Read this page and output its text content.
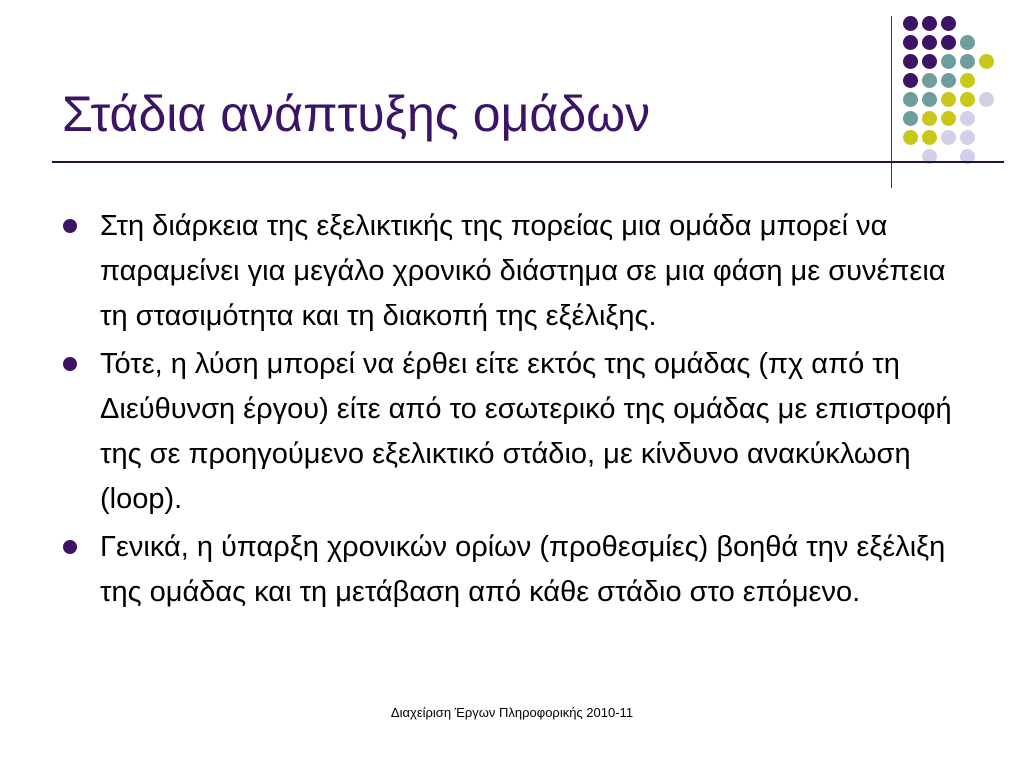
Στάδια ανάπτυξης ομάδων
Στη διάρκεια της εξελικτικής της πορείας μια ομάδα μπορεί να παραμείνει για μεγάλο χρονικό διάστημα σε μια φάση με συνέπεια τη στασιμότητα και τη διακοπή της εξέλιξης.
Τότε, η λύση μπορεί να έρθει είτε εκτός της ομάδας (πχ από τη Διεύθυνση έργου) είτε από το εσωτερικό της ομάδας με επιστροφή της σε προηγούμενο εξελικτικό στάδιο, με κίνδυνο ανακύκλωση (loop).
Γενικά, η ύπαρξη χρονικών ορίων (προθεσμίες) βοηθά την εξέλιξη της ομάδας και τη μετάβαση από κάθε στάδιο στο επόμενο.
Διαχείριση Έργων Πληροφορικής 2010-11
